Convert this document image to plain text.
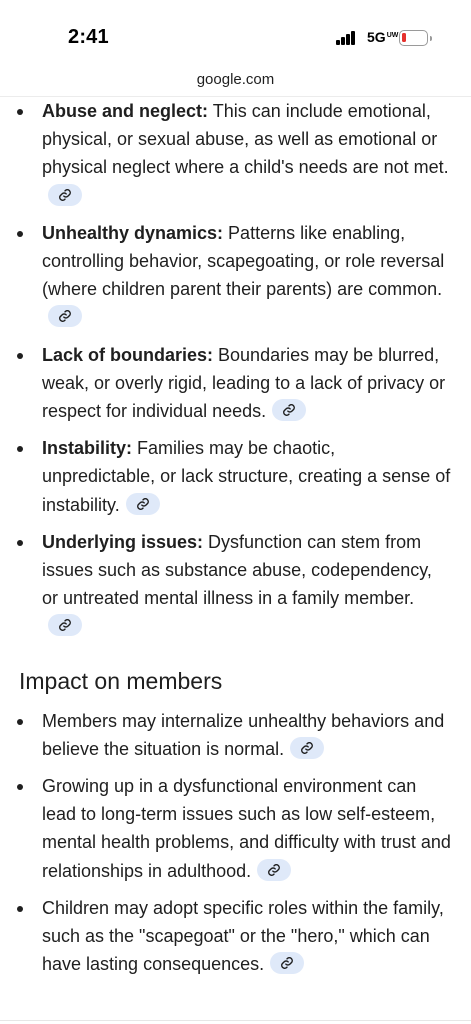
2:41	$5G^{UW}$
google.com
Abuse and neglect: This can include emotional, physical, or sexual abuse, as well as emotional or physical neglect where a child's needs are not met.
Unhealthy dynamics: Patterns like enabling, controlling behavior, scapegoating, or role reversal (where children parent their parents) are common.
Lack of boundaries: Boundaries may be blurred, weak, or overly rigid, leading to a lack of privacy or respect for individual needs.
Instability: Families may be chaotic, unpredictable, or lack structure, creating a sense of instability.
Underlying issues: Dysfunction can stem from issues such as substance abuse, codependency, or untreated mental illness in a family member.
Impact on members
Members may internalize unhealthy behaviors and believe the situation is normal.
Growing up in a dysfunctional environment can lead to long-term issues such as low self-esteem, mental health problems, and difficulty with trust and relationships in adulthood.
Children may adopt specific roles within the family, such as the "scapegoat" or the "hero," which can have lasting consequences.
